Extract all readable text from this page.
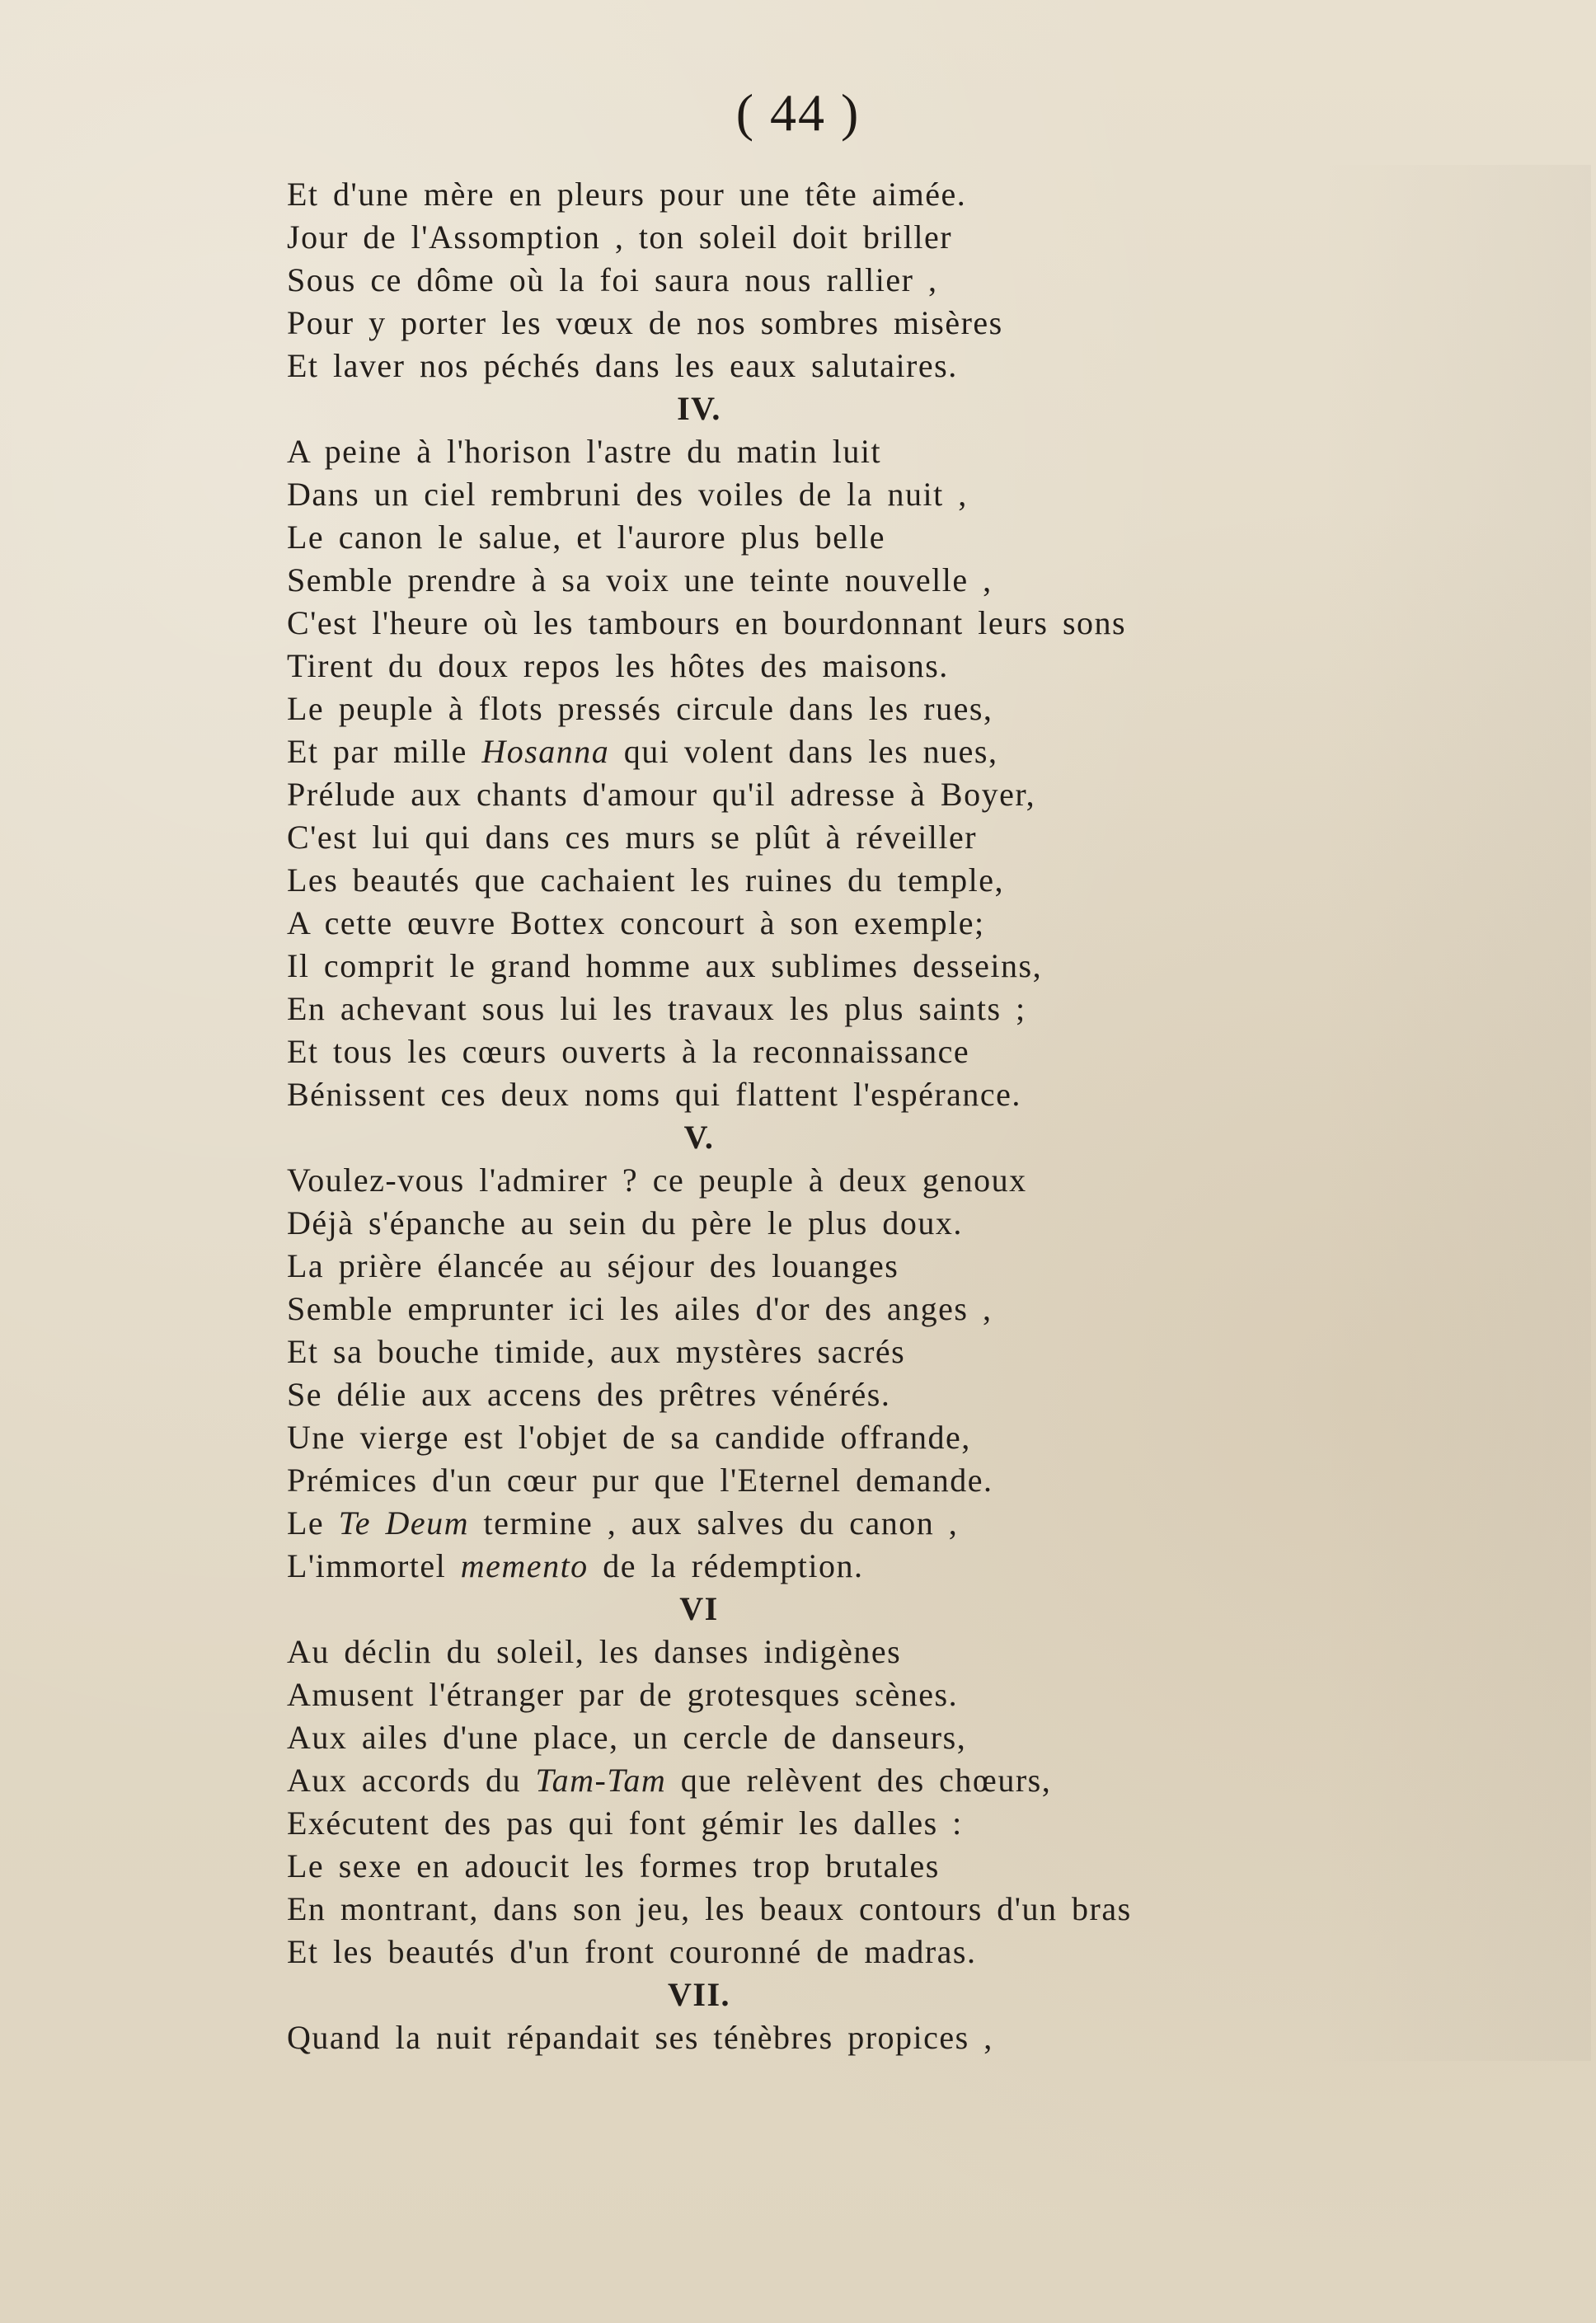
( 44 )
Et d'une mère en pleurs pour une tête aimée.
Jour de l'Assomption , ton soleil doit briller
Sous ce dôme où la foi saura nous rallier ,
Pour y porter les vœux de nos sombres misères
Et laver nos péchés dans les eaux salutaires.
IV.
A peine à l'horison l'astre du matin luit
Dans un ciel rembruni des voiles de la nuit ,
Le canon le salue, et l'aurore plus belle
Semble prendre à sa voix une teinte nouvelle ,
C'est l'heure où les tambours en bourdonnant leurs sons
Tirent du doux repos les hôtes des maisons.
Le peuple à flots pressés circule dans les rues,
Et par mille Hosanna qui volent dans les nues,
Prélude aux chants d'amour qu'il adresse à Boyer,
C'est lui qui dans ces murs se plût à réveiller
Les beautés que cachaient les ruines du temple,
A cette œuvre Bottex concourt à son exemple;
Il comprit le grand homme aux sublimes desseins,
En achevant sous lui les travaux les plus saints ;
Et tous les cœurs ouverts à la reconnaissance
Bénissent ces deux noms qui flattent l'espérance.
V.
Voulez-vous l'admirer ? ce peuple à deux genoux
Déjà s'épanche au sein du père le plus doux.
La prière élancée au séjour des louanges
Semble emprunter ici les ailes d'or des anges ,
Et sa bouche timide, aux mystères sacrés
Se délie aux accens des prêtres vénérés.
Une vierge est l'objet de sa candide offrande,
Prémices d'un cœur pur que l'Eternel demande.
Le Te Deum termine , aux salves du canon ,
L'immortel memento de la rédemption.
VI
Au déclin du soleil, les danses indigènes
Amusent l'étranger par de grotesques scènes.
Aux ailes d'une place, un cercle de danseurs,
Aux accords du Tam-Tam que relèvent des chœurs,
Exécutent des pas qui font gémir les dalles :
Le sexe en adoucit les formes trop brutales
En montrant, dans son jeu, les beaux contours d'un bras
Et les beautés d'un front couronné de madras.
VII.
Quand la nuit répandait ses ténèbres propices ,
